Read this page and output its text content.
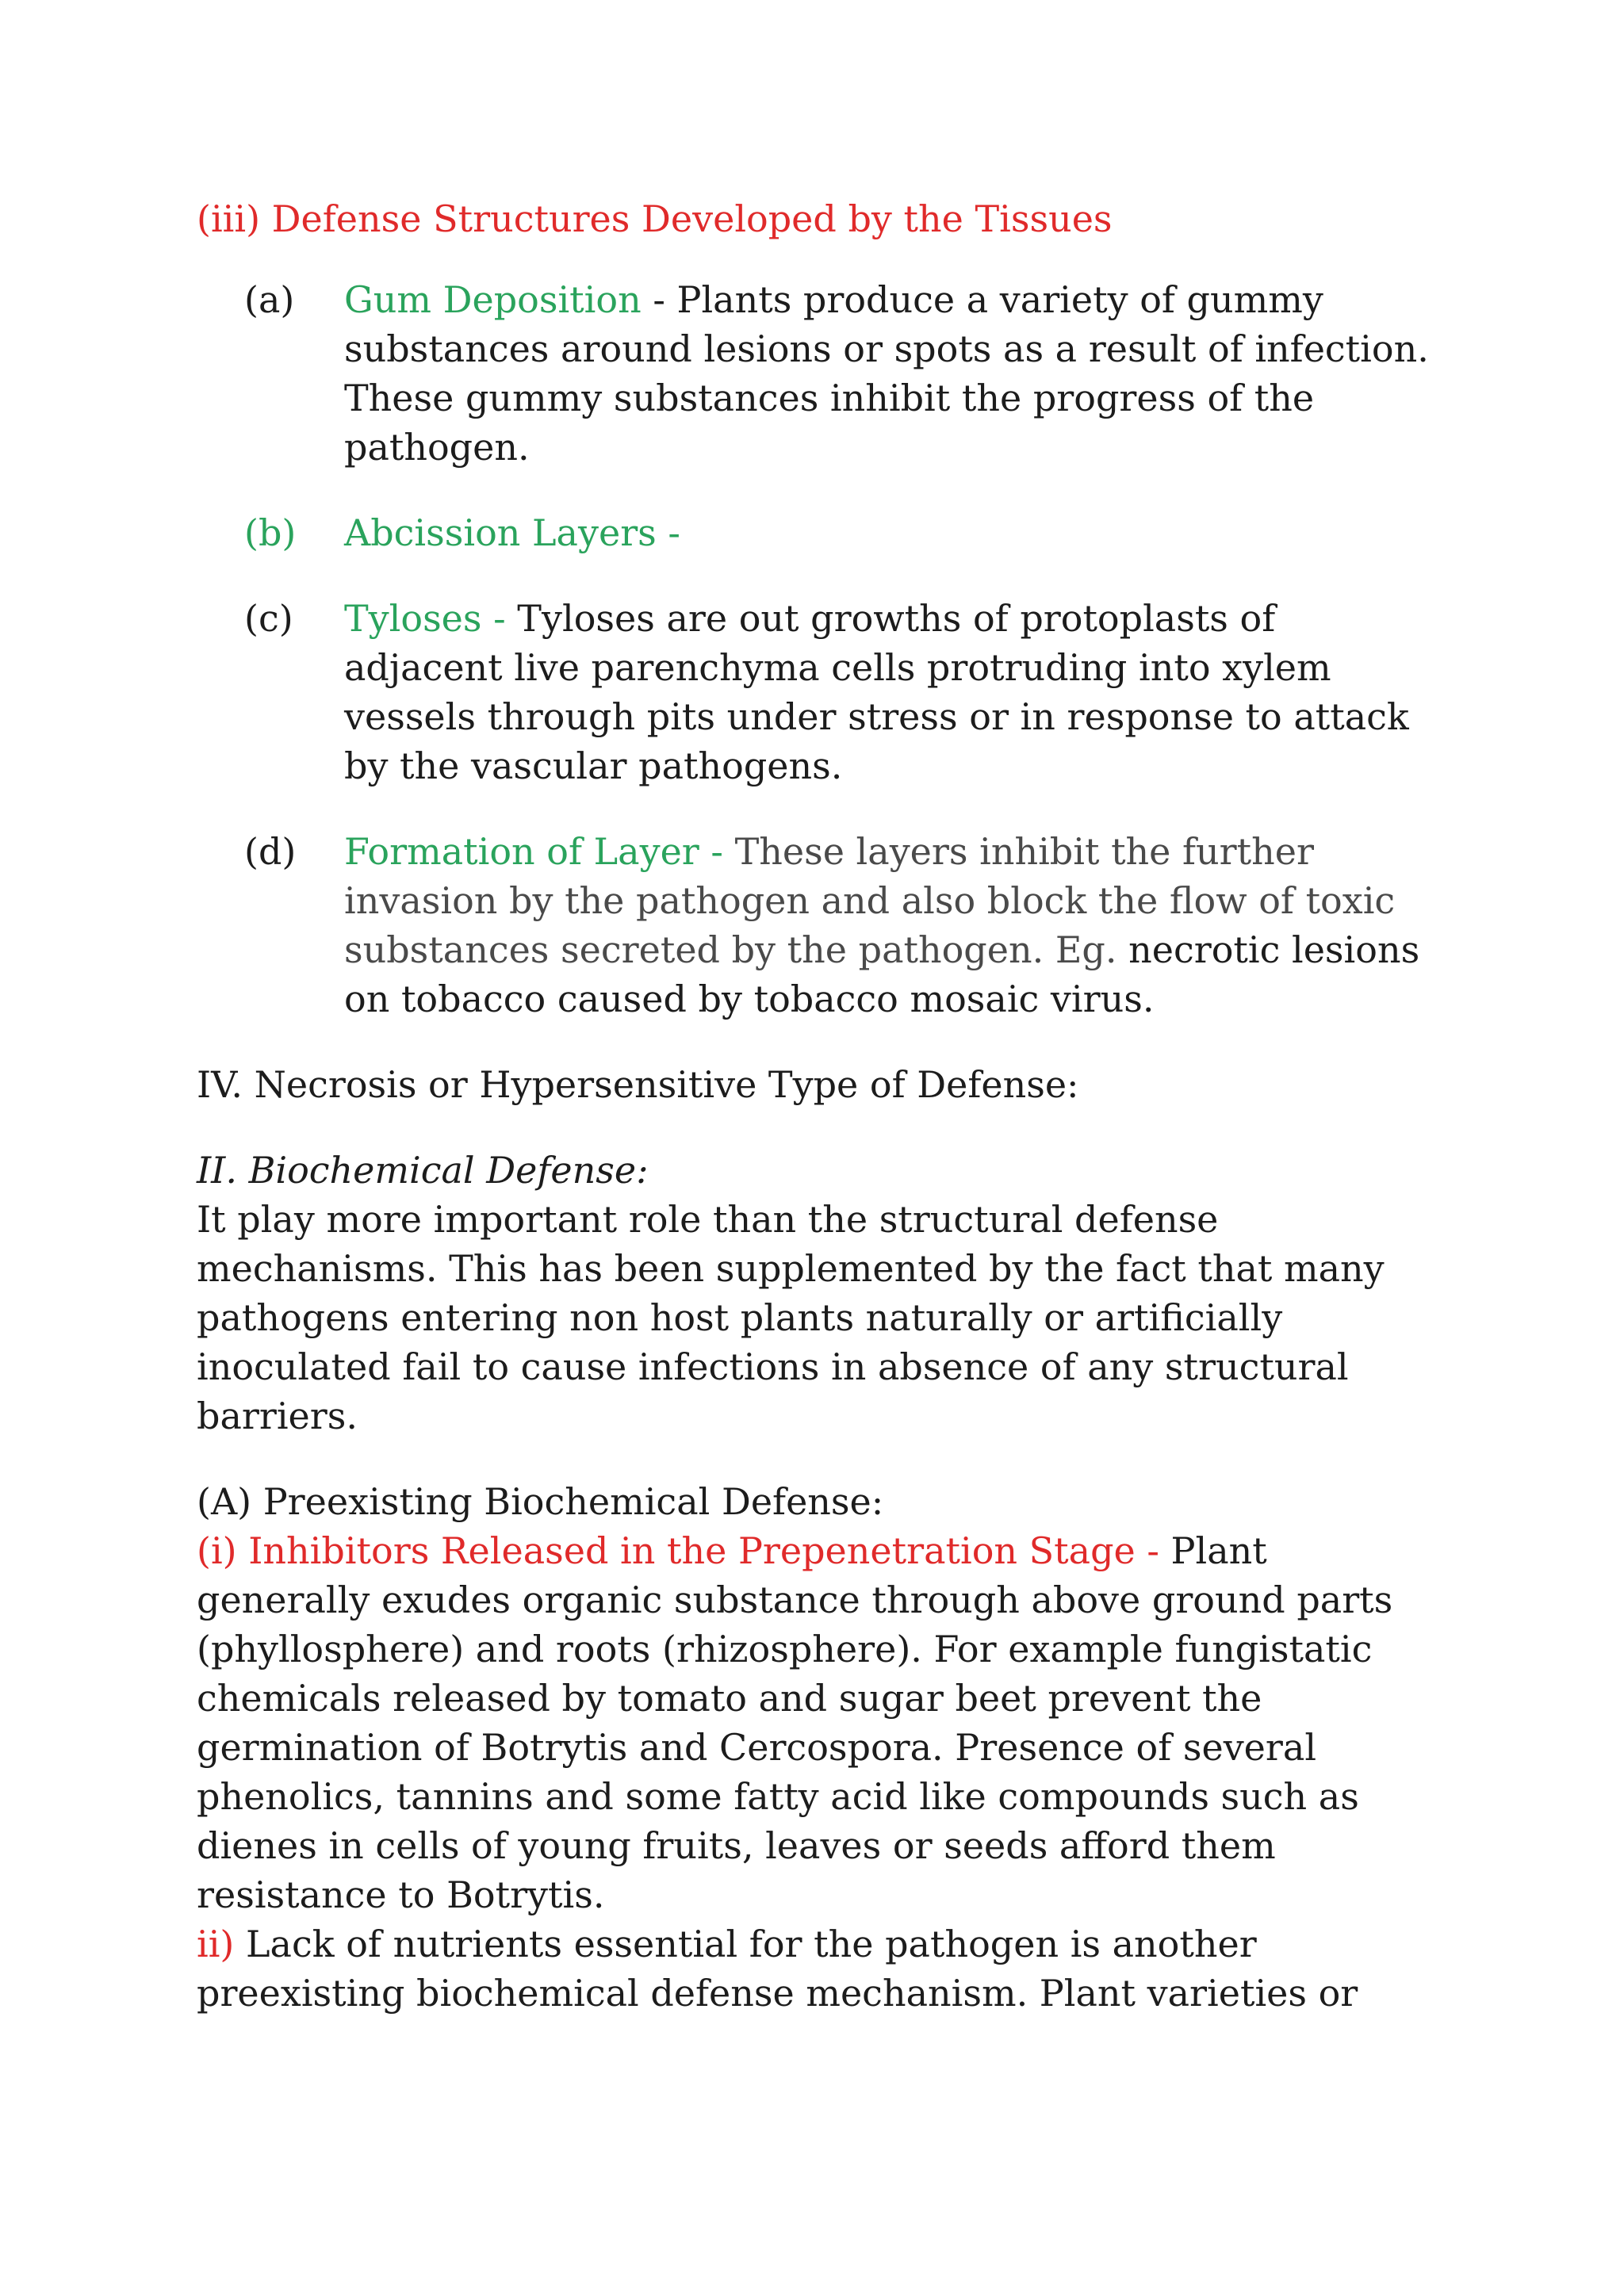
(iii) Defense Structures Developed by the Tissues
(a)	Gum Deposition - Plants produce a variety of gummy substances around lesions or spots as a result of infection. These gummy substances inhibit the progress of the pathogen.
(b)	Abcission Layers -
(c)	Tyloses - Tyloses are out growths of protoplasts of adjacent live parenchyma cells protruding into xylem vessels through pits under stress or in response to attack by the vascular pathogens.
(d)	Formation of Layer - These layers inhibit the further invasion by the pathogen and also block the flow of toxic substances secreted by the pathogen. Eg. necrotic lesions on tobacco caused by tobacco mosaic virus.
IV. Necrosis or Hypersensitive Type of Defense:
II. Biochemical Defense:
It play more important role than the structural defense mechanisms. This has been supplemented by the fact that many pathogens entering non host plants naturally or artificially inoculated fail to cause infections in absence of any structural barriers.
(A) Preexisting Biochemical Defense:
(i) Inhibitors Released in the Prepenetration Stage - Plant generally exudes organic substance through above ground parts (phyllosphere) and roots (rhizosphere). For example fungistatic chemicals released by tomato and sugar beet prevent the germination of Botrytis and Cercospora. Presence of several phenolics, tannins and some fatty acid like compounds such as dienes in cells of young fruits, leaves or seeds afford them resistance to Botrytis.
ii) Lack of nutrients essential for the pathogen is another preexisting biochemical defense mechanism. Plant varieties or
